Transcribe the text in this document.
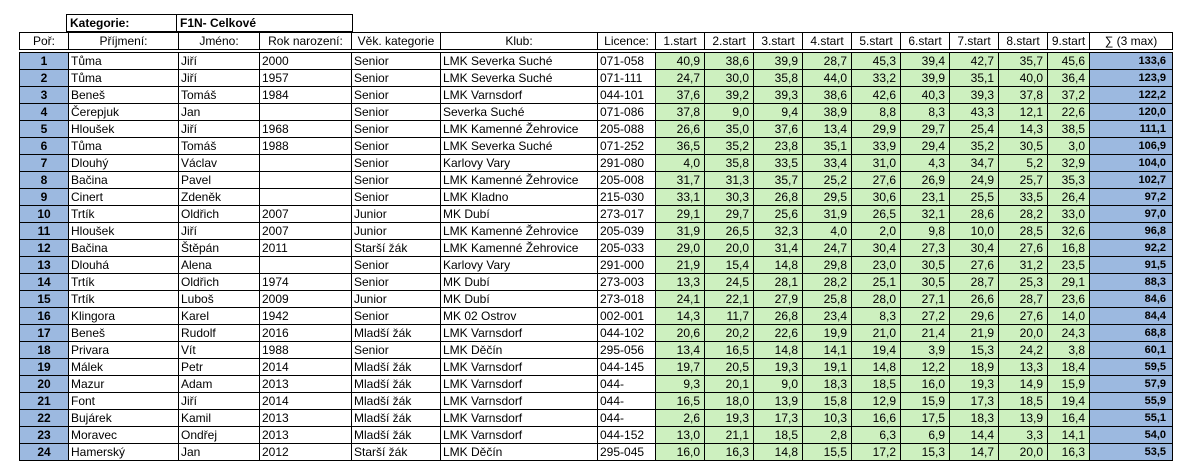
Kategorie:	F1N- Celkové
Poř:	Příjmení:	Jméno:	Rok narození:	Věk. kategorie	Klub:	Licence:	1.start	2.start	3.start	4.start	5.start	6.start	7.start	8.start	9.start	∑ (3 max)

1	Tůma	Jiří	2000	Senior	LMK Severka Suché	071-058	40,9	38,6	39,9	28,7	45,3	39,4	42,7	35,7	45,6	133,6
2	Tůma	Jiří	1957	Senior	LMK Severka Suché	071-111	24,7	30,0	35,8	44,0	33,2	39,9	35,1	40,0	36,4	123,9
3	Beneš	Tomáš	1984	Senior	LMK Varnsdorf	044-101	37,6	39,2	39,3	38,6	42,6	40,3	39,3	37,8	37,2	122,2
4	Čerepjuk	Jan		Senior	Severka Suché	071-086	37,8	9,0	9,4	38,9	8,8	8,3	43,3	12,1	22,6	120,0
5	Hloušek	Jiří	1968	Senior	LMK Kamenné Žehrovice	205-088	26,6	35,0	37,6	13,4	29,9	29,7	25,4	14,3	38,5	111,1
6	Tůma	Tomáš	1988	Senior	LMK Severka Suché	071-252	36,5	35,2	23,8	35,1	33,9	29,4	35,2	30,5	3,0	106,9
7	Dlouhý	Václav		Senior	Karlovy Vary	291-080	4,0	35,8	33,5	33,4	31,0	4,3	34,7	5,2	32,9	104,0
8	Bačina	Pavel		Senior	LMK Kamenné Žehrovice	205-008	31,7	31,3	35,7	25,2	27,6	26,9	24,9	25,7	35,3	102,7
9	Cinert	Zdeněk		Senior	LMK Kladno	215-030	33,1	30,3	26,8	29,5	30,6	23,1	25,5	33,5	26,4	97,2
10	Trtík	Oldřich	2007	Junior	MK Dubí	273-017	29,1	29,7	25,6	31,9	26,5	32,1	28,6	28,2	33,0	97,0
11	Hloušek	Jiří	2007	Junior	LMK Kamenné Žehrovice	205-039	31,9	26,5	32,3	4,0	2,0	9,8	10,0	28,5	32,6	96,8
12	Bačina	Štěpán	2011	Starší žák	LMK Kamenné Žehrovice	205-033	29,0	20,0	31,4	24,7	30,4	27,3	30,4	27,6	16,8	92,2
13	Dlouhá	Alena		Senior	Karlovy Vary	291-000	21,9	15,4	14,8	29,8	23,0	30,5	27,6	31,2	23,5	91,5
14	Trtík	Oldřich	1974	Senior	MK Dubí	273-003	13,3	24,5	28,1	28,2	25,1	30,5	28,7	25,3	29,1	88,3
15	Trtík	Luboš	2009	Junior	MK Dubí	273-018	24,1	22,1	27,9	25,8	28,0	27,1	26,6	28,7	23,6	84,6
16	Klingora	Karel	1942	Senior	MK 02 Ostrov	002-001	14,3	11,7	26,8	23,4	8,3	27,2	29,6	27,6	14,0	84,4
17	Beneš	Rudolf	2016	Mladší žák	LMK Varnsdorf	044-102	20,6	20,2	22,6	19,9	21,0	21,4	21,9	20,0	24,3	68,8
18	Privara	Vít	1988	Senior	LMK Děčín	295-056	13,4	16,5	14,8	14,1	19,4	3,9	15,3	24,2	3,8	60,1
19	Málek	Petr	2014	Mladší žák	LMK Varnsdorf	044-145	19,7	20,5	19,3	19,1	14,8	12,2	18,9	13,3	18,4	59,5
20	Mazur	Adam	2013	Mladší žák	LMK Varnsdorf	044-	9,3	20,1	9,0	18,3	18,5	16,0	19,3	14,9	15,9	57,9
21	Font	Jiří	2014	Mladší žák	LMK Varnsdorf	044-	16,5	18,0	13,9	15,8	12,9	15,9	17,3	18,5	19,4	55,9
22	Bujárek	Kamil	2013	Mladší žák	LMK Varnsdorf	044-	2,6	19,3	17,3	10,3	16,6	17,5	18,3	13,9	16,4	55,1
23	Moravec	Ondřej	2013	Mladší žák	LMK Varnsdorf	044-152	13,0	21,1	18,5	2,8	6,3	6,9	14,4	3,3	14,1	54,0
24	Hamerský	Jan	2012	Starší žák	LMK Děčín	295-045	16,0	16,3	14,8	15,5	17,2	15,3	14,7	20,0	16,3	53,5
